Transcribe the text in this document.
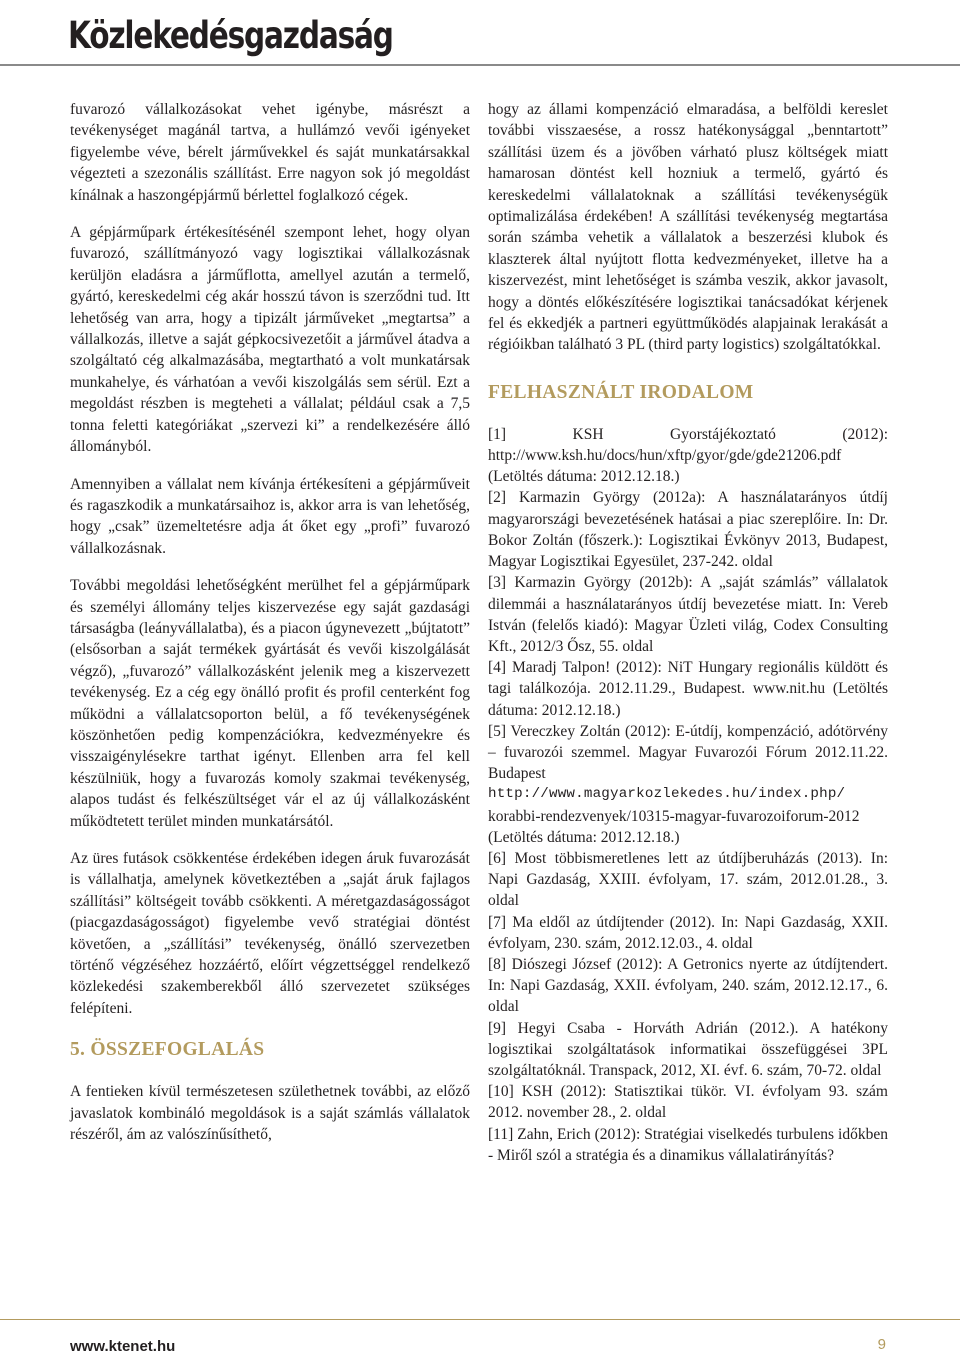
Közlekedésgazdaság

fuvarozó vállalkozásokat vehet igénybe, másrészt a tevékenységet magánál tartva, a hullámzó vevői igényeket figyelembe véve, bérelt járművekkel és saját munkatársakkal végezteti a szezonális szállítást. Erre nagyon sok jó megoldást kínálnak a haszongépjármű bérlettel foglalkozó cégek.

A gépjárműpark értékesítésénél szempont lehet, hogy olyan fuvarozó, szállítmányozó vagy logisztikai vállalkozásnak kerüljön eladásra a járműflotta, amellyel azután a termelő, gyártó, kereskedelmi cég akár hosszú távon is szerződni tud. Itt lehetőség van arra, hogy a tipizált járműveket „megtartsa” a vállalkozás, illetve a saját gépkocsivezetőit a járművel átadva a szolgáltató cég alkalmazásába, megtartható a volt munkatársak munkahelye, és várhatóan a vevői kiszolgálás sem sérül. Ezt a megoldást részben is megteheti a vállalat; például csak a 7,5 tonna feletti kategóriákat „szervezi ki” a rendelkezésére álló állományból.

Amennyiben a vállalat nem kívánja értékesíteni a gépjárműveit és ragaszkodik a munkatársaihoz is, akkor arra is van lehetőség, hogy „csak” üzemeltetésre adja át őket egy „profi” fuvarozó vállalkozásnak.

További megoldási lehetőségként merülhet fel a gépjárműpark és személyi állomány teljes kiszervezése egy saját gazdasági társaságba (leányvállalatba), és a piacon úgynevezett „bújtatott” (elsősorban a saját termékek gyártását és vevői kiszolgálását végző), „fuvarozó” vállalkozásként jelenik meg a kiszervezett tevékenység. Ez a cég egy önálló profit és profil centerként fog működni a vállalatcsoporton belül, a fő tevékenységének köszönhetően pedig kompenzációkra, kedvezményekre és visszaigénylésekre tarthat igényt. Ellenben arra fel kell készülniük, hogy a fuvarozás komoly szakmai tevékenység, alapos tudást és felkészültséget vár el az új vállalkozásként működtetett terület minden munkatársától.

Az üres futások csökkentése érdekében idegen áruk fuvarozását is vállalhatja, amelynek következtében a „saját áruk fajlagos szállítási” költségeit tovább csökkenti. A méretgazdaságosságot (piacgazdaságosságot) figyelembe vevő stratégiai döntést követően, a „szállítási” tevékenység, önálló szervezetben történő végzéséhez hozzáértő, előírt végzettséggel rendelkező közlekedési szakemberekből álló szervezetet szükséges felépíteni.

5. ÖSSZEFOGLALÁS

A fentieken kívül természetesen születhetnek további, az előző javaslatok kombináló megoldások is a saját számlás vállalatok részéről, ám az valószínűsíthető,

hogy az állami kompenzáció elmaradása, a belföldi kereslet további visszaesése, a rossz hatékonysággal „benntartott” szállítási üzem és a jövőben várható plusz költségek miatt hamarosan döntést kell hozniuk a termelő, gyártó és kereskedelmi vállalatoknak a szállítási tevékenységük optimalizálása érdekében! A szállítási tevékenység megtartása során számba vehetik a vállalatok a beszerzési klubok és klaszterek által nyújtott flotta kedvezményeket, illetve ha a kiszervezést, mint lehetőséget is számba veszik, akkor javasolt, hogy a döntés előkészítésére logisztikai tanácsadókat kérjenek fel és ekkedjék a partneri együttműködés alapjainak lerakását a régióikban található 3 PL (third party logistics) szolgáltatókkal.

FELHASZNÁLT IRODALOM
[1] KSH Gyorstájékoztató (2012): http://www.ksh.hu/docs/hun/xftp/gyor/gde/gde21206.pdf (Letöltés dátuma: 2012.12.18.)
[2] Karmazin György (2012a): A használatarányos útdíj magyarországi bevezetésének hatásai a piac szereplőire. In: Dr. Bokor Zoltán (főszerk.): Logisztikai Évkönyv 2013, Budapest, Magyar Logisztikai Egyesület, 237-242. oldal
[3] Karmazin György (2012b): A „saját számlás” vállalatok dilemmái a használatarányos útdíj bevezetése miatt. In: Vereb István (felelős kiadó): Magyar Üzleti világ, Codex Consulting Kft., 2012/3 Ősz, 55. oldal
[4] Maradj Talpon! (2012): NiT Hungary regionális küldött és tagi találkozója. 2012.11.29., Budapest. www.nit.hu (Letöltés dátuma: 2012.12.18.)
[5] Vereczkey Zoltán (2012): E-útdíj, kompenzáció, adótörvény – fuvarozói szemmel. Magyar Fuvarozói Fórum 2012.11.22. Budapest
http://www.magyarkozlekedes.hu/index.php/
korabbi-rendezvenyek/10315-magyar-fuvarozoiforum-2012 (Letöltés dátuma: 2012.12.18.)
[6] Most többismeretlenes lett az útdíjberuházás (2013). In: Napi Gazdaság, XXIII. évfolyam, 17. szám, 2012.01.28., 3. oldal
[7] Ma eldől az útdíjtender (2012). In: Napi Gazdaság, XXII. évfolyam, 230. szám, 2012.12.03., 4. oldal
[8] Diószegi József (2012): A Getronics nyerte az útdíjtendert. In: Napi Gazdaság, XXII. évfolyam, 240. szám, 2012.12.17., 6. oldal
[9] Hegyi Csaba - Horváth Adrián (2012.). A hatékony logisztikai szolgáltatások informatikai összefüggései 3PL szolgáltatóknál. Transpack, 2012, XI. évf. 6. szám, 70-72. oldal
[10] KSH (2012): Statisztikai tükör. VI. évfolyam 93. szám 2012. november 28., 2. oldal
[11] Zahn, Erich (2012): Stratégiai viselkedés turbulens időkben - Miről szól a stratégia és a dinamikus vállalatirányítás?
www.ktenet.hu	9
